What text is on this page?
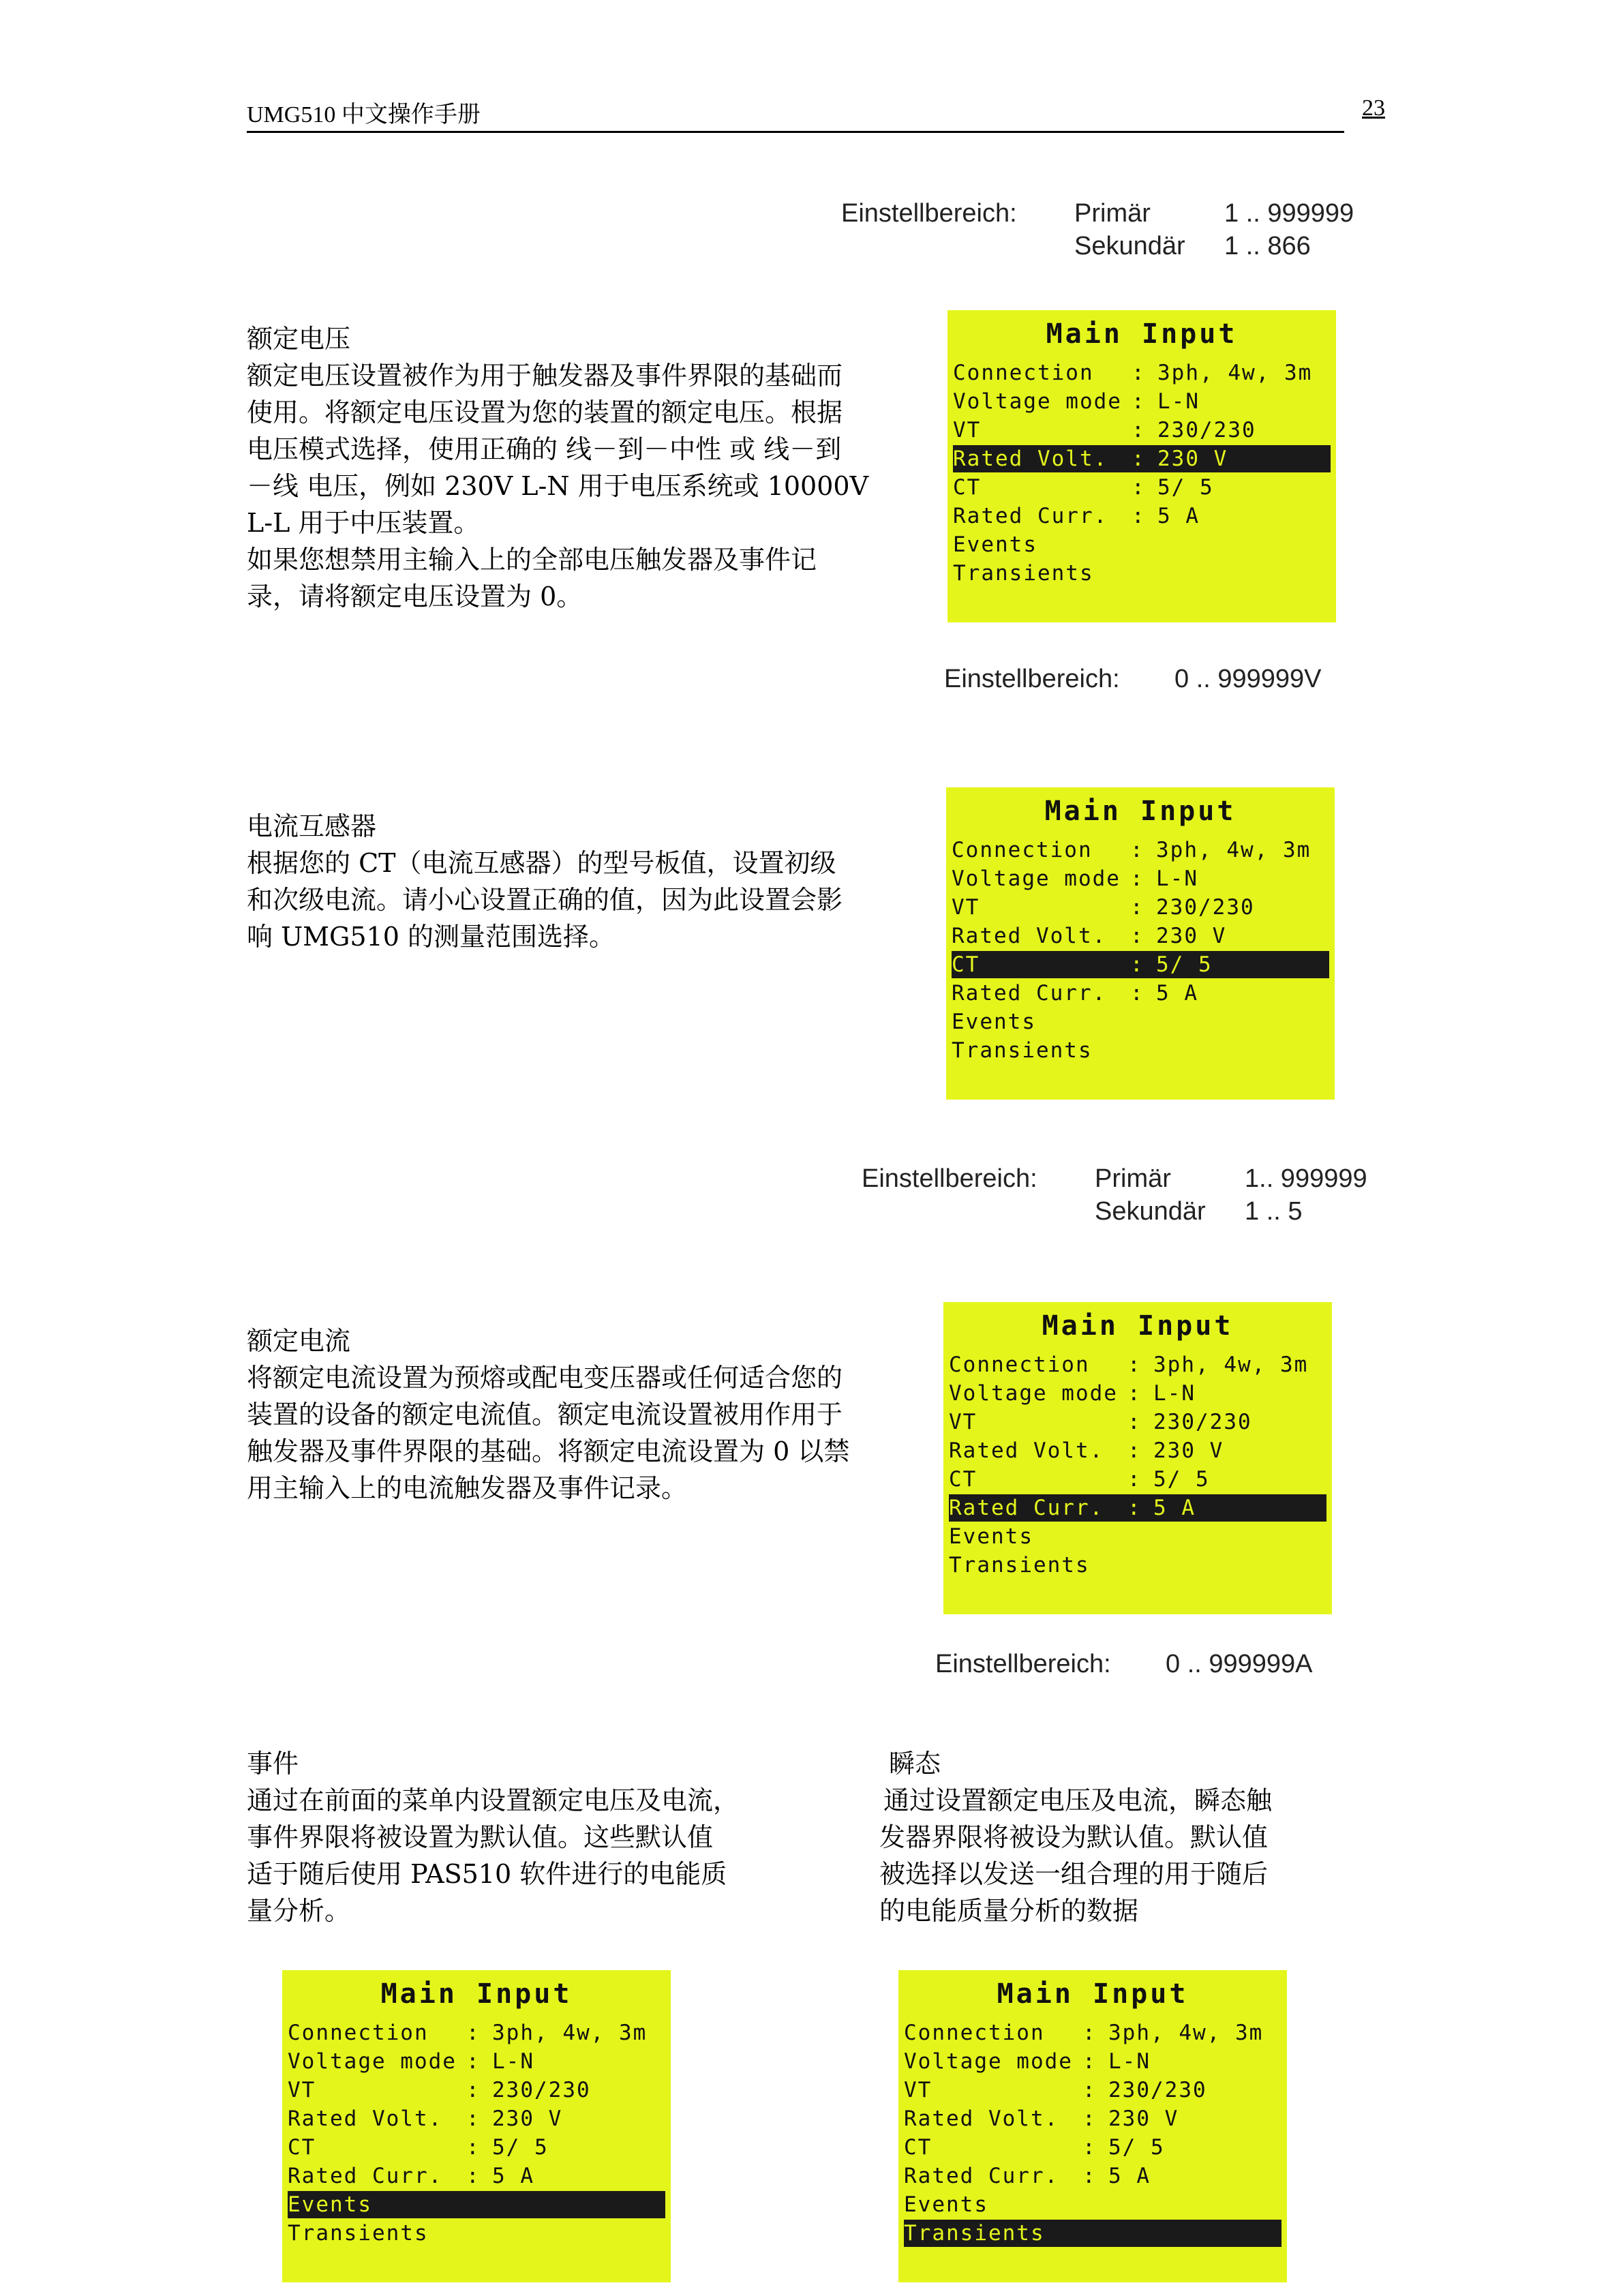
UMG510 中文操作手册	23
Einstellbereich: Primär	1 .. 999999
Sekundär 1 .. 866
额定电压
额定电压设置被作为用于触发器及事件界限的基础而
使用。将额定电压设置为您的装置的额定电压。根据
电压模式选择，使用正确的 线－到－中性 或 线－到
－线 电压，例如 230V L-N 用于电压系统或 10000V
L-L 用于中压装置。
如果您想禁用主输入上的全部电压触发器及事件记
录，请将额定电压设置为 0。
Main Input
Connection : 3ph, 4w, 3m
Voltage mode : L-N
VT	: 230/230
Rated Volt. : 230 V
CT	: 5/ 5
Rated Curr. : 5 A
Events
Transients
Einstellbereich: 0 .. 999999V
电流互感器
根据您的 CT（电流互感器）的型号板值，设置初级
和次级电流。请小心设置正确的值，因为此设置会影
响 UMG510 的测量范围选择。
Main Input
Connection : 3ph, 4w, 3m
Voltage mode : L-N
VT	: 230/230
Rated Volt. : 230 V
CT	: 5/ 5
Rated Curr. : 5 A
Events
Transients
Einstellbereich: Primär	1.. 999999
Sekundär 1 .. 5
额定电流
将额定电流设置为预熔或配电变压器或任何适合您的
装置的设备的额定电流值。额定电流设置被用作用于
触发器及事件界限的基础。将额定电流设置为 0 以禁
用主输入上的电流触发器及事件记录。
Main Input
Connection : 3ph, 4w, 3m
Voltage mode : L-N
VT	: 230/230
Rated Volt. : 230 V
CT	: 5/ 5
Rated Curr. : 5 A
Events
Transients
Einstellbereich: 0 .. 999999A
事件
通过在前面的菜单内设置额定电压及电流，
事件界限将被设置为默认值。这些默认值
适于随后使用 PAS510 软件进行的电能质
量分析。
瞬态
通过设置额定电压及电流，瞬态触
发器界限将被设为默认值。默认值
被选择以发送一组合理的用于随后
的电能质量分析的数据
Main Input
Connection : 3ph, 4w, 3m
Voltage mode : L-N
VT	: 230/230
Rated Volt. : 230 V
CT	: 5/ 5
Rated Curr. : 5 A
Events
Transients
Main Input
Connection : 3ph, 4w, 3m
Voltage mode : L-N
VT	: 230/230
Rated Volt. : 230 V
CT	: 5/ 5
Rated Curr. : 5 A
Events
Transients
